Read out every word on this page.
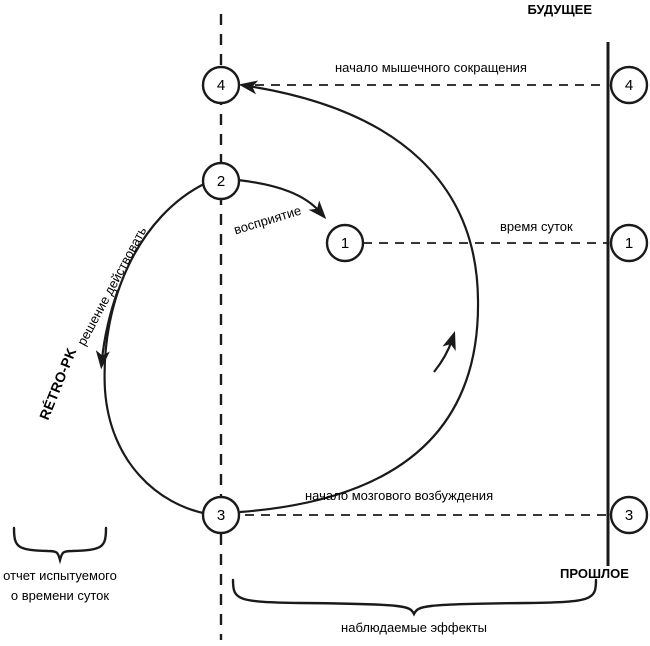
4
2
1
3
4
1
3
БУДУЩЕЕ
начало мышечного сокращения
время суток
начало мозгового возбуждения
восприятие
решение действовать
RÉTRO-PK
ПРОШЛОЕ
отчет испытуемого
о времени суток
наблюдаемые эффекты
